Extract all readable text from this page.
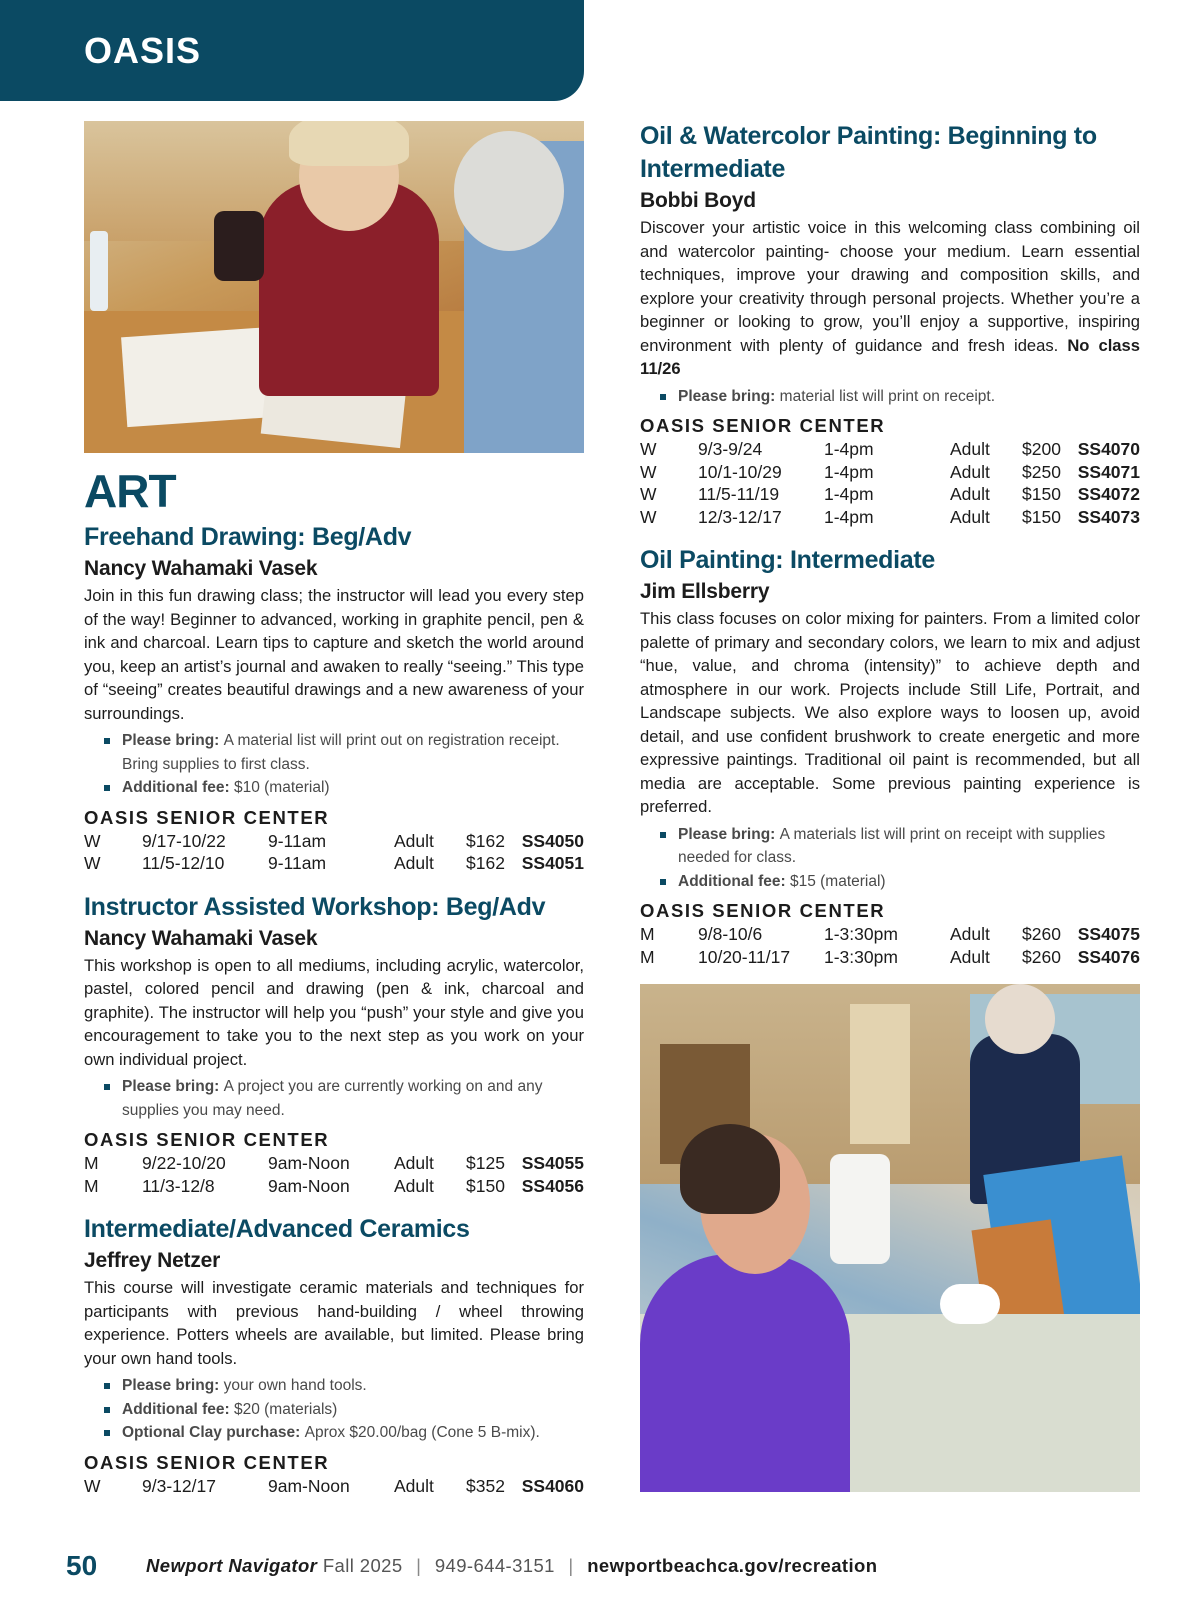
OASIS
ART
Freehand Drawing: Beg/Adv
Nancy Wahamaki Vasek
Join in this fun drawing class; the instructor will lead you every step of the way! Beginner to advanced, working in graphite pencil, pen & ink and charcoal. Learn tips to capture and sketch the world around you, keep an artist’s journal and awaken to really “seeing.” This type of “seeing” creates beautiful drawings and a new awareness of your surroundings.
Please bring: A material list will print out on registration receipt. Bring supplies to first class.
Additional fee: $10 (material)
OASIS SENIOR CENTER
W	9/17-10/22	9-11am	Adult	$162	SS4050
W	11/5-12/10	9-11am	Adult	$162	SS4051
Instructor Assisted Workshop: Beg/Adv
Nancy Wahamaki Vasek
This workshop is open to all mediums, including acrylic, watercolor, pastel, colored pencil and drawing (pen & ink, charcoal and graphite). The instructor will help you “push” your style and give you encouragement to take you to the next step as you work on your own individual project.
Please bring: A project you are currently working on and any supplies you may need.
OASIS SENIOR CENTER
M	9/22-10/20	9am-Noon	Adult	$125	SS4055
M	11/3-12/8	9am-Noon	Adult	$150	SS4056
Intermediate/Advanced Ceramics
Jeffrey Netzer
This course will investigate ceramic materials and techniques for participants with previous hand-building / wheel throwing experience. Potters wheels are available, but limited. Please bring your own hand tools.
Please bring: your own hand tools.
Additional fee: $20 (materials)
Optional Clay purchase: Aprox $20.00/bag (Cone 5 B-mix).
OASIS SENIOR CENTER
W	9/3-12/17	9am-Noon	Adult	$352	SS4060
Oil & Watercolor Painting: Beginning to Intermediate
Bobbi Boyd
Discover your artistic voice in this welcoming class combining oil and watercolor painting- choose your medium. Learn essential techniques, improve your drawing and composition skills, and explore your creativity through personal projects. Whether you’re a beginner or looking to grow, you’ll enjoy a supportive, inspiring environment with plenty of guidance and fresh ideas. No class 11/26
Please bring: material list will print on receipt.
OASIS SENIOR CENTER
W	9/3-9/24	1-4pm	Adult	$200	SS4070
W	10/1-10/29	1-4pm	Adult	$250	SS4071
W	11/5-11/19	1-4pm	Adult	$150	SS4072
W	12/3-12/17	1-4pm	Adult	$150	SS4073
Oil Painting: Intermediate
Jim Ellsberry
This class focuses on color mixing for painters. From a limited color palette of primary and secondary colors, we learn to mix and adjust “hue, value, and chroma (intensity)” to achieve depth and atmosphere in our work. Projects include Still Life, Portrait, and Landscape subjects. We also explore ways to loosen up, avoid detail, and use confident brushwork to create energetic and more expressive paintings. Traditional oil paint is recommended, but all media are acceptable. Some previous painting experience is preferred.
Please bring: A materials list will print on receipt with supplies needed for class.
Additional fee: $15 (material)
OASIS SENIOR CENTER
M	9/8-10/6	1-3:30pm	Adult	$260	SS4075
M	10/20-11/17	1-3:30pm	Adult	$260	SS4076
50	Newport Navigator Fall 2025 | 949-644-3151 | newportbeachca.gov/recreation
